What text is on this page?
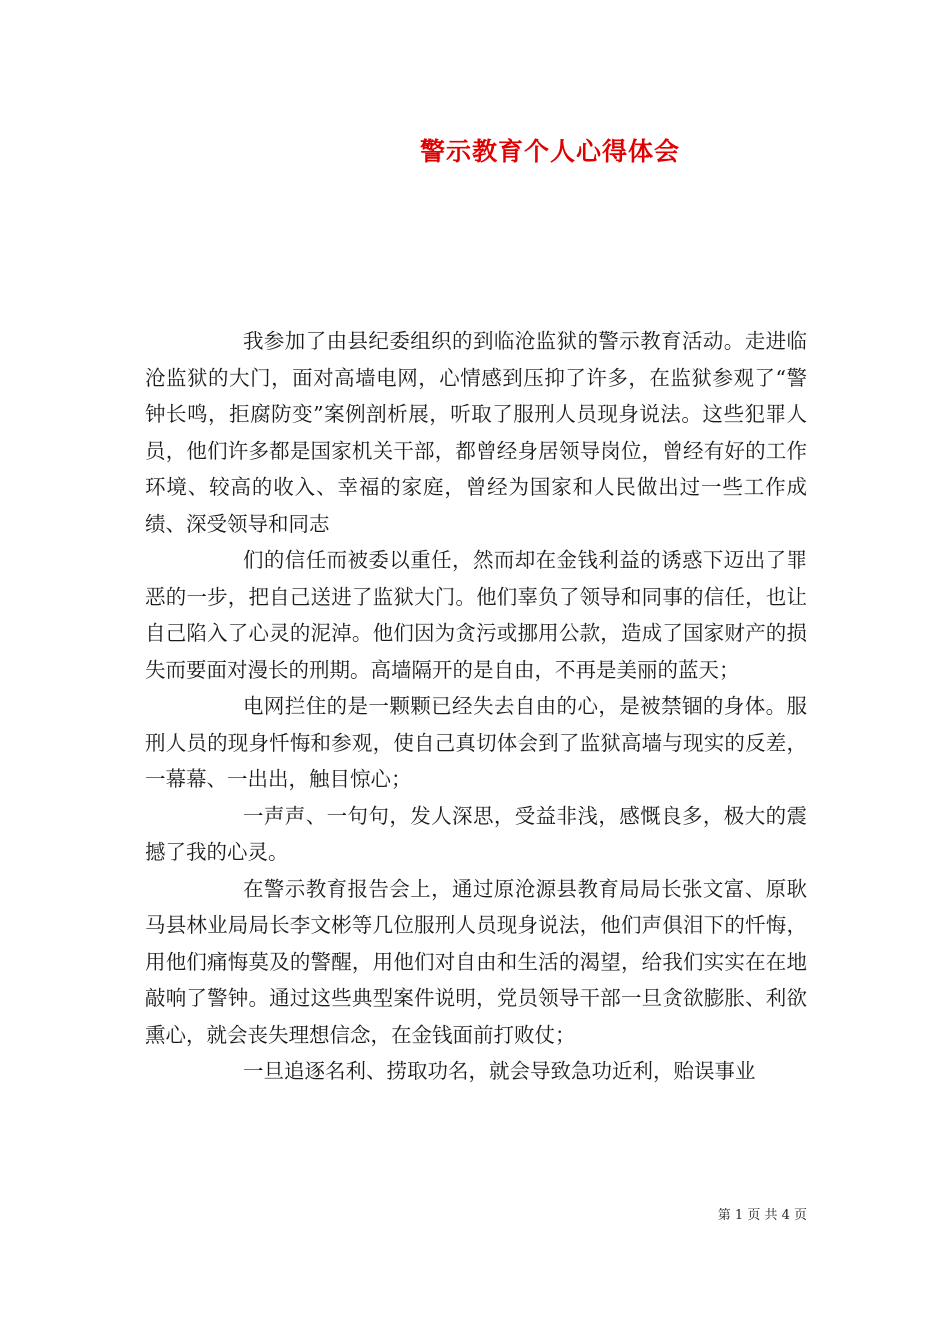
警示教育个人心得体会

我参加了由县纪委组织的到临沧监狱的警示教育活动。走进临沧监狱的大门，面对高墙电网，心情感到压抑了许多，在监狱参观了“警钟长鸣，拒腐防变”案例剖析展，听取了服刑人员现身说法。这些犯罪人员，他们许多都是国家机关干部，都曾经身居领导岗位，曾经有好的工作环境、较高的收入、幸福的家庭，曾经为国家和人民做出过一些工作成绩、深受领导和同志

们的信任而被委以重任，然而却在金钱利益的诱惑下迈出了罪恶的一步，把自己送进了监狱大门。他们辜负了领导和同事的信任，也让自己陷入了心灵的泥淖。他们因为贪污或挪用公款，造成了国家财产的损失而要面对漫长的刑期。高墙隔开的是自由，不再是美丽的蓝天；

电网拦住的是一颗颗已经失去自由的心，是被禁锢的身体。服刑人员的现身忏悔和参观，使自己真切体会到了监狱高墙与现实的反差，一幕幕、一出出，触目惊心；

一声声、一句句，发人深思，受益非浅，感慨良多，极大的震撼了我的心灵。

在警示教育报告会上，通过原沧源县教育局局长张文富、原耿马县林业局局长李文彬等几位服刑人员现身说法，他们声俱泪下的忏悔，用他们痛悔莫及的警醒，用他们对自由和生活的渴望，给我们实实在在地敲响了警钟。通过这些典型案件说明，党员领导干部一旦贪欲膨胀、利欲熏心，就会丧失理想信念，在金钱面前打败仗；

一旦追逐名利、捞取功名，就会导致急功近利，贻误事业

第 1 页 共 4 页
